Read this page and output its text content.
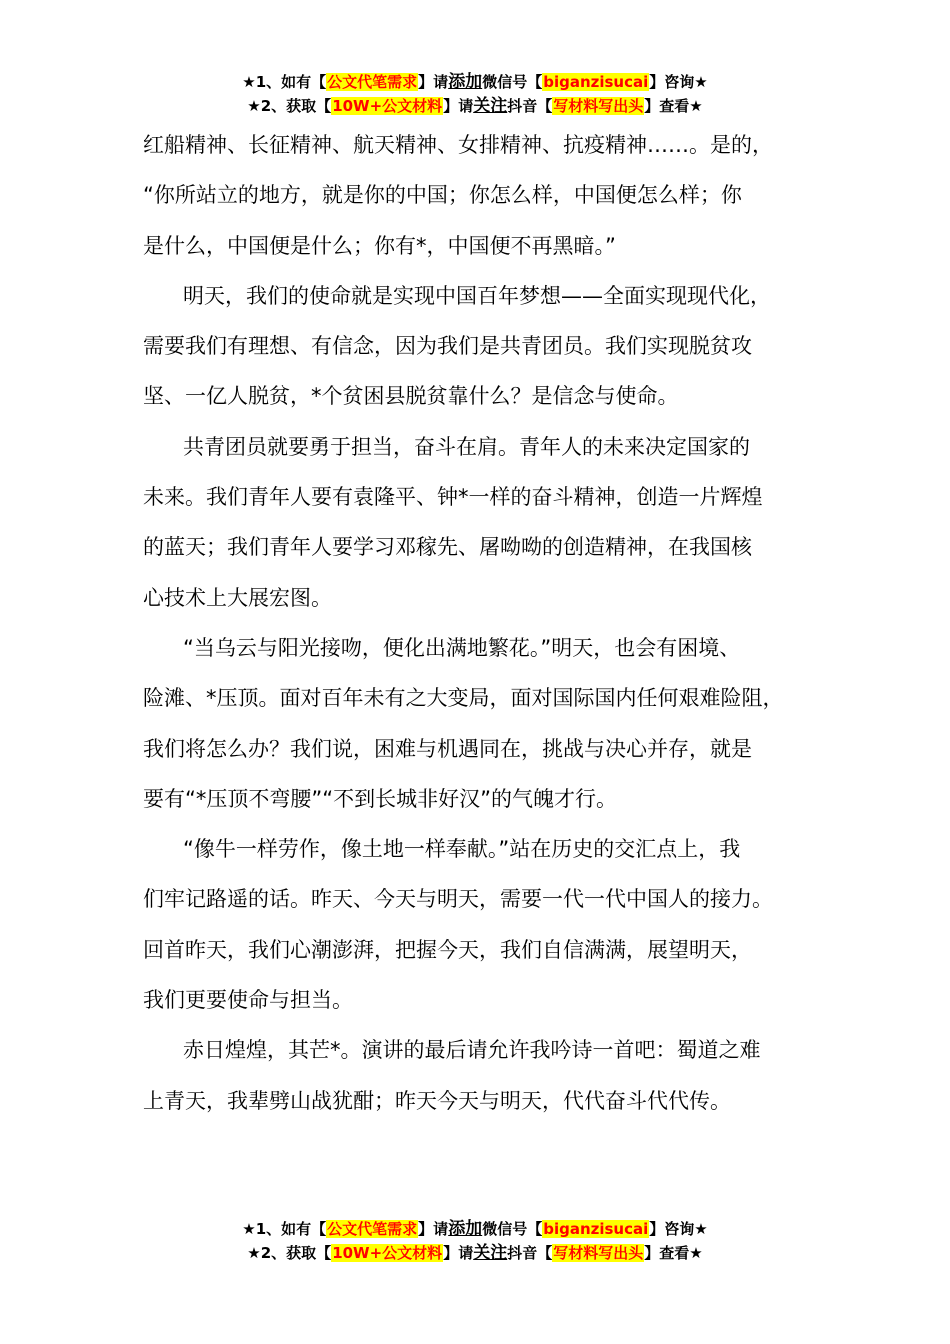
★1、如有【公文代笔需求】请添加微信号【biganzisucai】咨询★
★2、获取【10W+公文材料】请关注抖音【写材料写出头】查看★
红船精神、长征精神、航天精神、女排精神、抗疫精神……。是的，
“你所站立的地方，就是你的中国；你怎么样，中国便怎么样；你
是什么，中国便是什么；你有*，中国便不再黑暗。”
明天，我们的使命就是实现中国百年梦想——全面实现现代化，
需要我们有理想、有信念，因为我们是共青团员。我们实现脱贫攻
坚、一亿人脱贫，*个贫困县脱贫靠什么？是信念与使命。
共青团员就要勇于担当，奋斗在肩。青年人的未来决定国家的
未来。我们青年人要有袁隆平、钟*一样的奋斗精神，创造一片辉煌
的蓝天；我们青年人要学习邓稼先、屠呦呦的创造精神，在我国核
心技术上大展宏图。
“当乌云与阳光接吻，便化出满地繁花。”明天，也会有困境、
险滩、*压顶。面对百年未有之大变局，面对国际国内任何艰难险阻，
我们将怎么办？我们说，困难与机遇同在，挑战与决心并存，就是
要有“*压顶不弯腰”“不到长城非好汉”的气魄才行。
“像牛一样劳作，像土地一样奉献。”站在历史的交汇点上，我
们牢记路遥的话。昨天、今天与明天，需要一代一代中国人的接力。
回首昨天，我们心潮澎湃，把握今天，我们自信满满，展望明天，
我们更要使命与担当。
赤日煌煌，其芒*。演讲的最后请允许我吟诗一首吧：蜀道之难
上青天，我辈劈山战犹酣；昨天今天与明天，代代奋斗代代传。
★1、如有【公文代笔需求】请添加微信号【biganzisucai】咨询★
★2、获取【10W+公文材料】请关注抖音【写材料写出头】查看★
